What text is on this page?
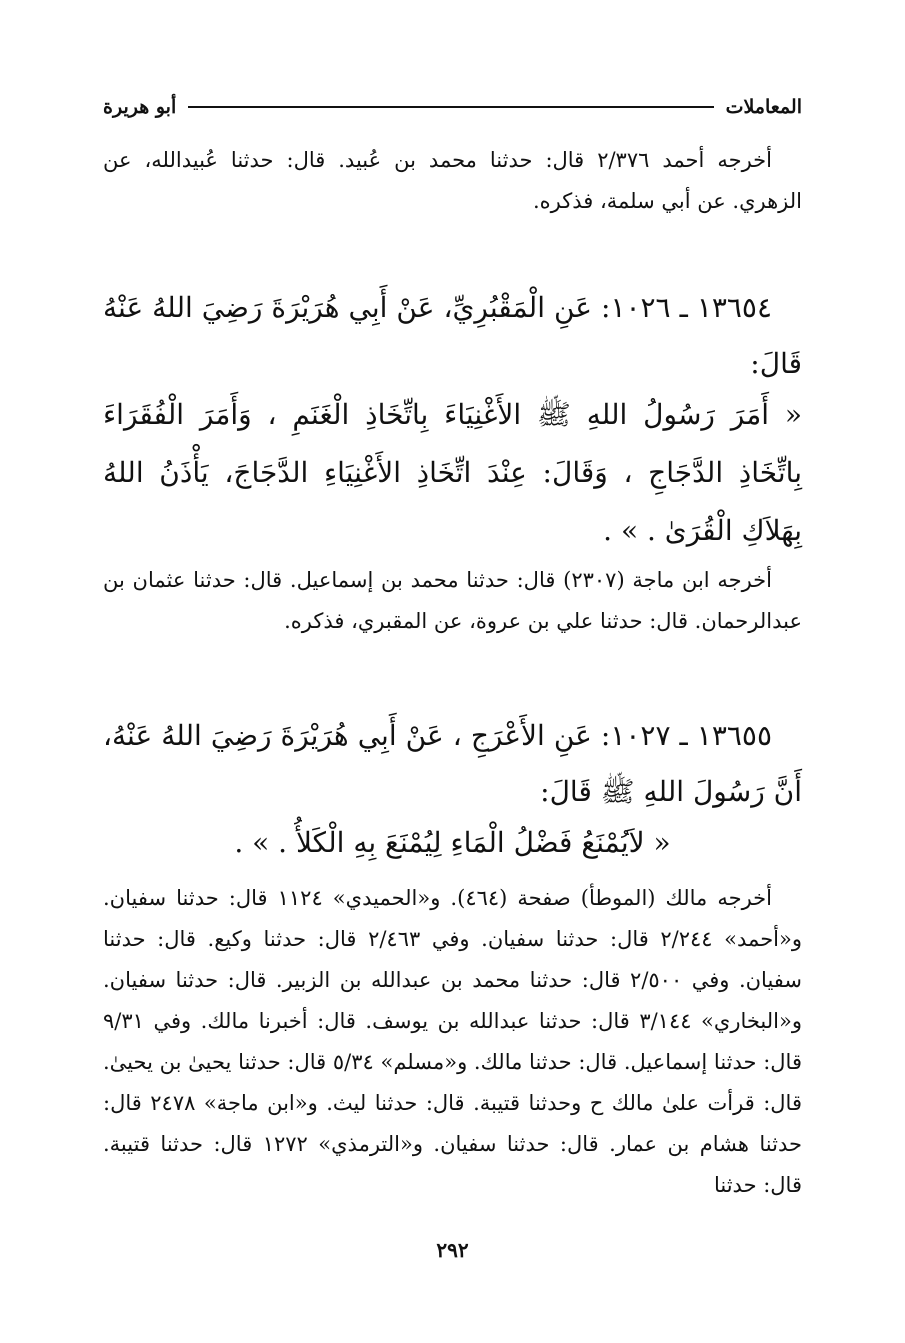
المعاملات
أبو هريرة
أخرجه أحمد ٢/٣٧٦ قال: حدثنا محمد بن عُبيد. قال: حدثنا عُبيدالله، عن الزهري. عن أبي سلمة، فذكره.
١٣٦٥٤ ـ ١٠٢٦: عَنِ الْمَقْبُرِيِّ، عَنْ أَبِي هُرَيْرَةَ رَضِيَ اللهُ عَنْهُ قَالَ:
« أَمَرَ رَسُولُ اللهِ ﷺ الأَغْنِيَاءَ بِاتِّخَاذِ الْغَنَمِ ، وَأَمَرَ الْفُقَرَاءَ بِاتِّخَاذِ الدَّجَاجِ ، وَقَالَ: عِنْدَ اتِّخَاذِ الأَغْنِيَاءِ الدَّجَاجَ، يَأْذَنُ اللهُ بِهَلاَكِ الْقُرَىٰ . » .
أخرجه ابن ماجة (٢٣٠٧) قال: حدثنا محمد بن إسماعيل. قال: حدثنا عثمان بن عبدالرحمان. قال: حدثنا علي بن عروة، عن المقبري، فذكره.
١٣٦٥٥ ـ ١٠٢٧: عَنِ الأَعْرَجِ ، عَنْ أَبِي هُرَيْرَةَ رَضِيَ اللهُ عَنْهُ، أَنَّ رَسُولَ اللهِ ﷺ قَالَ:
« لاَيُمْنَعُ فَضْلُ الْمَاءِ لِيُمْنَعَ بِهِ الْكَلأُ . » .
أخرجه مالك (الموطأ) صفحة (٤٦٤). و«الحميدي» ١١٢٤ قال: حدثنا سفيان. و«أحمد» ٢/٢٤٤ قال: حدثنا سفيان. وفي ٢/٤٦٣ قال: حدثنا وكيع. قال: حدثنا سفيان. وفي ٢/٥٠٠ قال: حدثنا محمد بن عبدالله بن الزبير. قال: حدثنا سفيان. و«البخاري» ٣/١٤٤ قال: حدثنا عبدالله بن يوسف. قال: أخبرنا مالك. وفي ٩/٣١ قال: حدثنا إسماعيل. قال: حدثنا مالك. و«مسلم» ٥/٣٤ قال: حدثنا يحيىٰ بن يحيىٰ. قال: قرأت علىٰ مالك ح وحدثنا قتيبة. قال: حدثنا ليث. و«ابن ماجة» ٢٤٧٨ قال: حدثنا هشام بن عمار. قال: حدثنا سفيان. و«الترمذي» ١٢٧٢ قال: حدثنا قتيبة. قال: حدثنا
٢٩٢
